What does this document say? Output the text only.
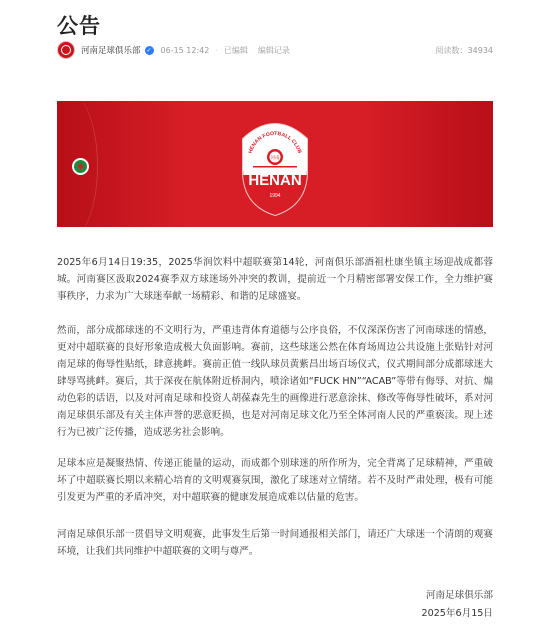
公告
河南足球俱乐部 ✓ 06-15 12:42 · 已编辑 编辑记录	阅读数：34934
HENAN FOOTBALL CLUB
河南
HENAN
1994

2025年6月14日19:35，2025华润饮料中超联赛第14轮，河南俱乐部酒祖杜康坐镇主场迎战成都蓉城。河南赛区汲取2024赛季双方球迷场外冲突的教训，提前近一个月精密部署安保工作，全力维护赛事秩序，力求为广大球迷奉献一场精彩、和谐的足球盛宴。

然而，部分成都球迷的不文明行为，严重违背体育道德与公序良俗，不仅深深伤害了河南球迷的情感，更对中超联赛的良好形象造成极大负面影响。赛前，这些球迷公然在体育场周边公共设施上张贴针对河南足球的侮辱性贴纸，肆意挑衅。赛前正值一线队球员黄紫昌出场百场仪式，仪式期间部分成都球迷大肆辱骂挑衅。赛后，其于深夜在航体附近桥洞内，喷涂诸如“FUCK HN”“ACAB”等带有侮辱、对抗、煽动色彩的话语，以及对河南足球和投资人胡葆森先生的画像进行恶意涂抹、修改等侮辱性破坏，系对河南足球俱乐部及有关主体声誉的恶意贬损，也是对河南足球文化乃至全体河南人民的严重亵渎。现上述行为已被广泛传播，造成恶劣社会影响。

足球本应是凝聚热情、传递正能量的运动，而成都个别球迷的所作所为，完全背离了足球精神，严重破坏了中超联赛长期以来精心培育的文明观赛氛围，激化了球迷对立情绪。若不及时严肃处理，极有可能引发更为严重的矛盾冲突，对中超联赛的健康发展造成难以估量的危害。

河南足球俱乐部一贯倡导文明观赛，此事发生后第一时间通报相关部门，请还广大球迷一个清朗的观赛环境，让我们共同维护中超联赛的文明与尊严。

河南足球俱乐部

2025年6月15日
